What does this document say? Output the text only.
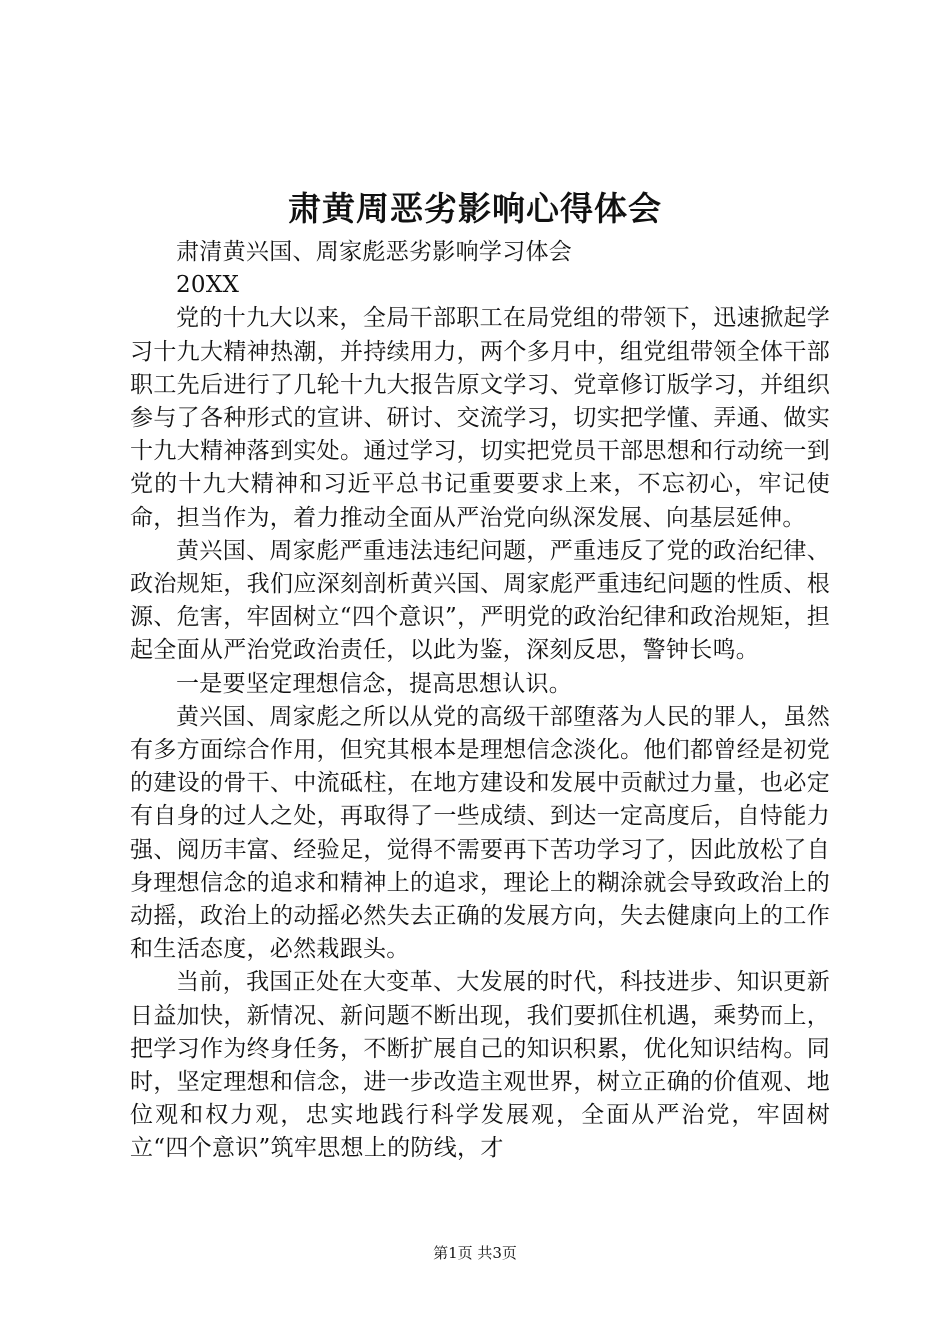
肃黄周恶劣影响心得体会

肃清黄兴国、周家彪恶劣影响学习体会

20XX

党的十九大以来，全局干部职工在局党组的带领下，迅速掀起学习十九大精神热潮，并持续用力，两个多月中，组党组带领全体干部职工先后进行了几轮十九大报告原文学习、党章修订版学习，并组织参与了各种形式的宣讲、研讨、交流学习，切实把学懂、弄通、做实十九大精神落到实处。通过学习，切实把党员干部思想和行动统一到党的十九大精神和习近平总书记重要要求上来，不忘初心，牢记使命，担当作为，着力推动全面从严治党向纵深发展、向基层延伸。

黄兴国、周家彪严重违法违纪问题，严重违反了党的政治纪律、政治规矩，我们应深刻剖析黄兴国、周家彪严重违纪问题的性质、根源、危害，牢固树立“四个意识”，严明党的政治纪律和政治规矩，担起全面从严治党政治责任，以此为鉴，深刻反思，警钟长鸣。

一是要坚定理想信念，提高思想认识。

黄兴国、周家彪之所以从党的高级干部堕落为人民的罪人，虽然有多方面综合作用，但究其根本是理想信念淡化。他们都曾经是初党的建设的骨干、中流砥柱，在地方建设和发展中贡献过力量，也必定有自身的过人之处，再取得了一些成绩、到达一定高度后，自恃能力强、阅历丰富、经验足，觉得不需要再下苦功学习了，因此放松了自身理想信念的追求和精神上的追求，理论上的糊涂就会导致政治上的动摇，政治上的动摇必然失去正确的发展方向，失去健康向上的工作和生活态度，必然栽跟头。

当前，我国正处在大变革、大发展的时代，科技进步、知识更新日益加快，新情况、新问题不断出现，我们要抓住机遇，乘势而上，把学习作为终身任务，不断扩展自己的知识积累，优化知识结构。同时，坚定理想和信念，进一步改造主观世界，树立正确的价值观、地位观和权力观，忠实地践行科学发展观，全面从严治党，牢固树立“四个意识”筑牢思想上的防线，才

第1页 共3页
